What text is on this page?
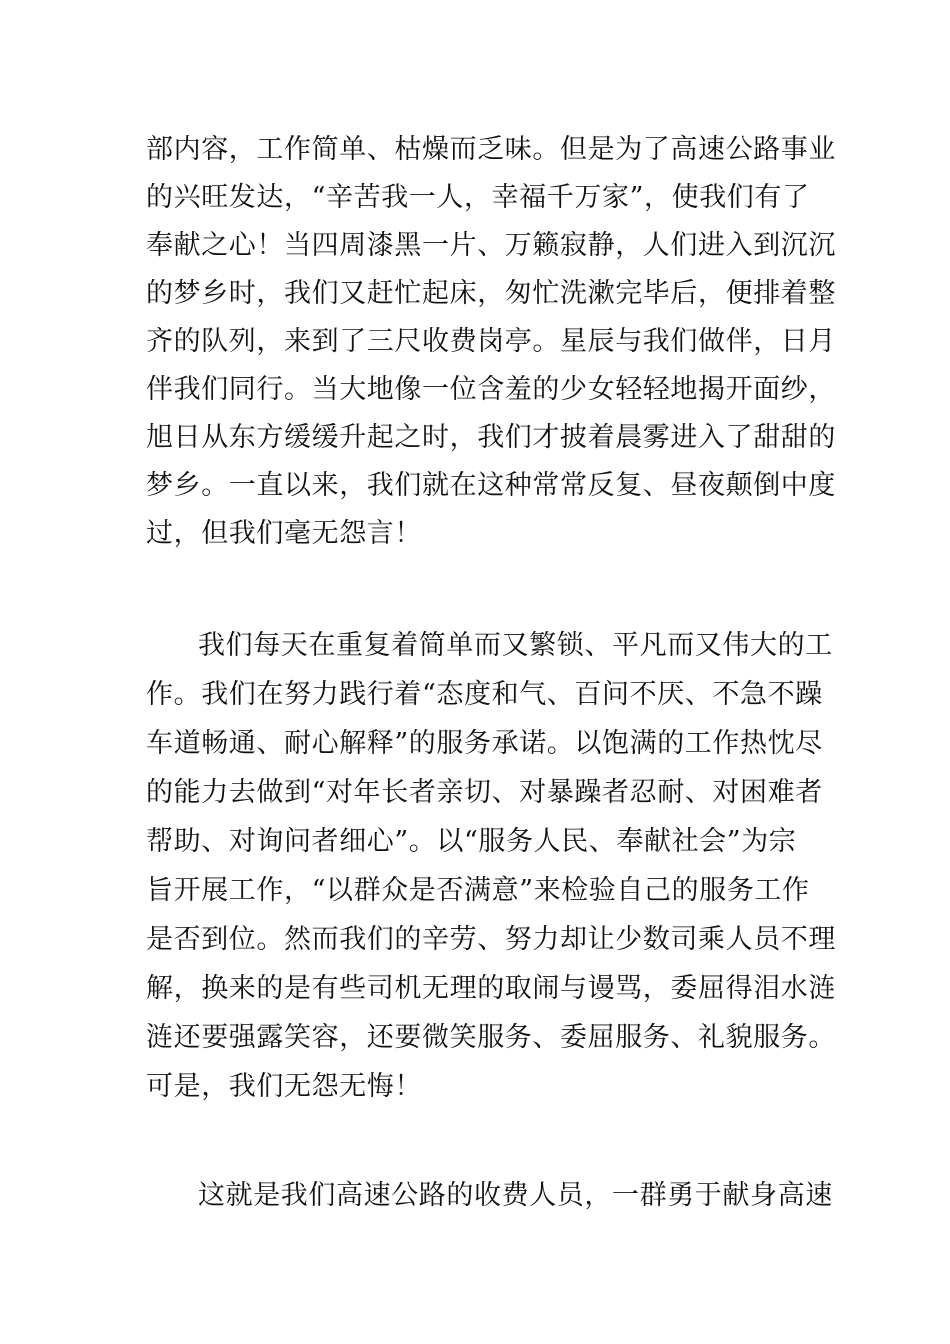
部内容，工作简单、枯燥而乏味。但是为了高速公路事业
的兴旺发达，“辛苦我一人，幸福千万家”，使我们有了
奉献之心！当四周漆黑一片、万籁寂静，人们进入到沉沉
的梦乡时，我们又赶忙起床，匆忙洗漱完毕后，便排着整
齐的队列，来到了三尺收费岗亭。星辰与我们做伴，日月
伴我们同行。当大地像一位含羞的少女轻轻地揭开面纱，
旭日从东方缓缓升起之时，我们才披着晨雾进入了甜甜的
梦乡。一直以来，我们就在这种常常反复、昼夜颠倒中度
过，但我们毫无怨言！
我们每天在重复着简单而又繁锁、平凡而又伟大的工
作。我们在努力践行着“态度和气、百问不厌、不急不躁
车道畅通、耐心解释”的服务承诺。以饱满的工作热忱尽
的能力去做到“对年长者亲切、对暴躁者忍耐、对困难者
帮助、对询问者细心”。以“服务人民、奉献社会”为宗
旨开展工作，“以群众是否满意”来检验自己的服务工作
是否到位。然而我们的辛劳、努力却让少数司乘人员不理
解，换来的是有些司机无理的取闹与谩骂，委屈得泪水涟
涟还要强露笑容，还要微笑服务、委屈服务、礼貌服务。
可是，我们无怨无悔！
这就是我们高速公路的收费人员，一群勇于献身高速
